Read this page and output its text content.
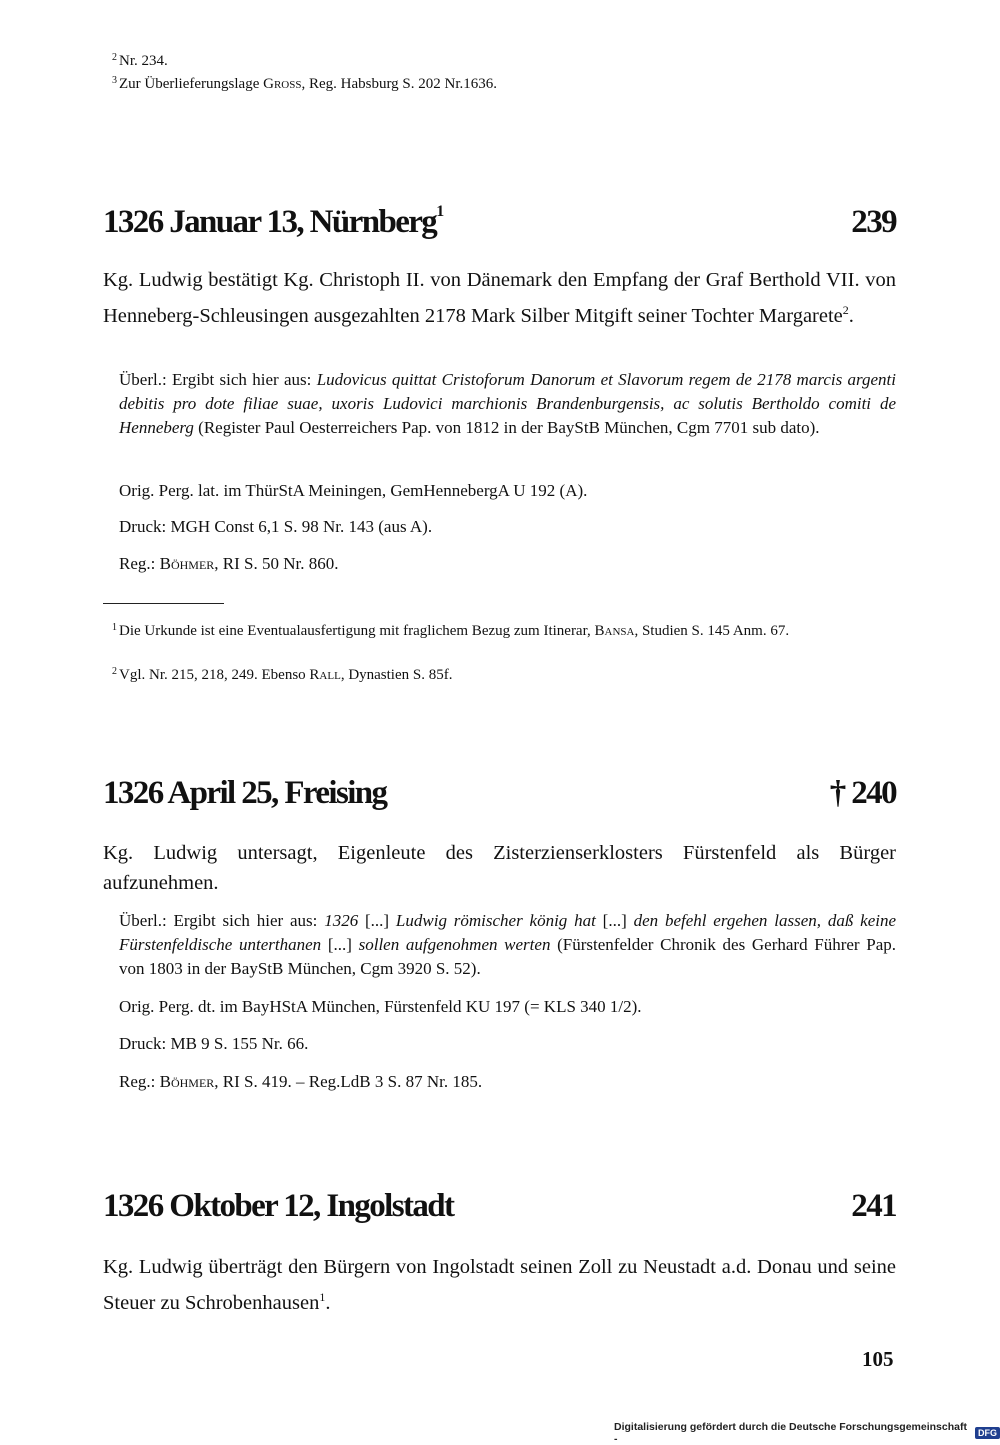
$^2$ Nr. 234.
$^3$ Zur Überlieferungslage Gross, Reg. Habsburg S. 202 Nr.1636.
1326 Januar 13, Nürnberg$^1$	239
Kg. Ludwig bestätigt Kg. Christoph II. von Dänemark den Empfang der Graf Berthold VII. von Henneberg-Schleusingen ausgezahlten 2178 Mark Silber Mitgift seiner Tochter Margarete$^2$.
Überl.: Ergibt sich hier aus: Ludovicus quittat Cristoforum Danorum et Slavorum regem de 2178 marcis argenti debitis pro dote filiae suae, uxoris Ludovici marchionis Brandenburgensis, ac solutis Bertholdo comiti de Henneberg (Register Paul Oesterreichers Pap. von 1812 in der BayStB München, Cgm 7701 sub dato).
Orig. Perg. lat. im ThürStA Meiningen, GemHennebergA U 192 (A).
Druck: MGH Const 6,1 S. 98 Nr. 143 (aus A).
Reg.: Böhmer, RI S. 50 Nr. 860.
$^1$ Die Urkunde ist eine Eventualausfertigung mit fraglichem Bezug zum Itinerar, Bansa, Studien S. 145 Anm. 67.
$^2$ Vgl. Nr. 215, 218, 249. Ebenso Rall, Dynastien S. 85f.
1326 April 25, Freising	† 240
Kg. Ludwig untersagt, Eigenleute des Zisterzienserklosters Fürstenfeld als Bürger aufzunehmen.
Überl.: Ergibt sich hier aus: 1326 [...] Ludwig römischer könig hat [...] den befehl ergehen lassen, daß keine Fürstenfeldische unterthanen [...] sollen aufgenohmen werten (Fürstenfelder Chronik des Gerhard Führer Pap. von 1803 in der BayStB München, Cgm 3920 S. 52).
Orig. Perg. dt. im BayHStA München, Fürstenfeld KU 197 (= KLS 340 1/2).
Druck: MB 9 S. 155 Nr. 66.
Reg.: Böhmer, RI S. 419. – Reg.LdB 3 S. 87 Nr. 185.
1326 Oktober 12, Ingolstadt	241
Kg. Ludwig überträgt den Bürgern von Ingolstadt seinen Zoll zu Neustadt a.d. Donau und seine Steuer zu Schrobenhausen$^1$.
105
Digitalisierung gefördert durch die Deutsche Forschungsgemeinschaft -	DFG
